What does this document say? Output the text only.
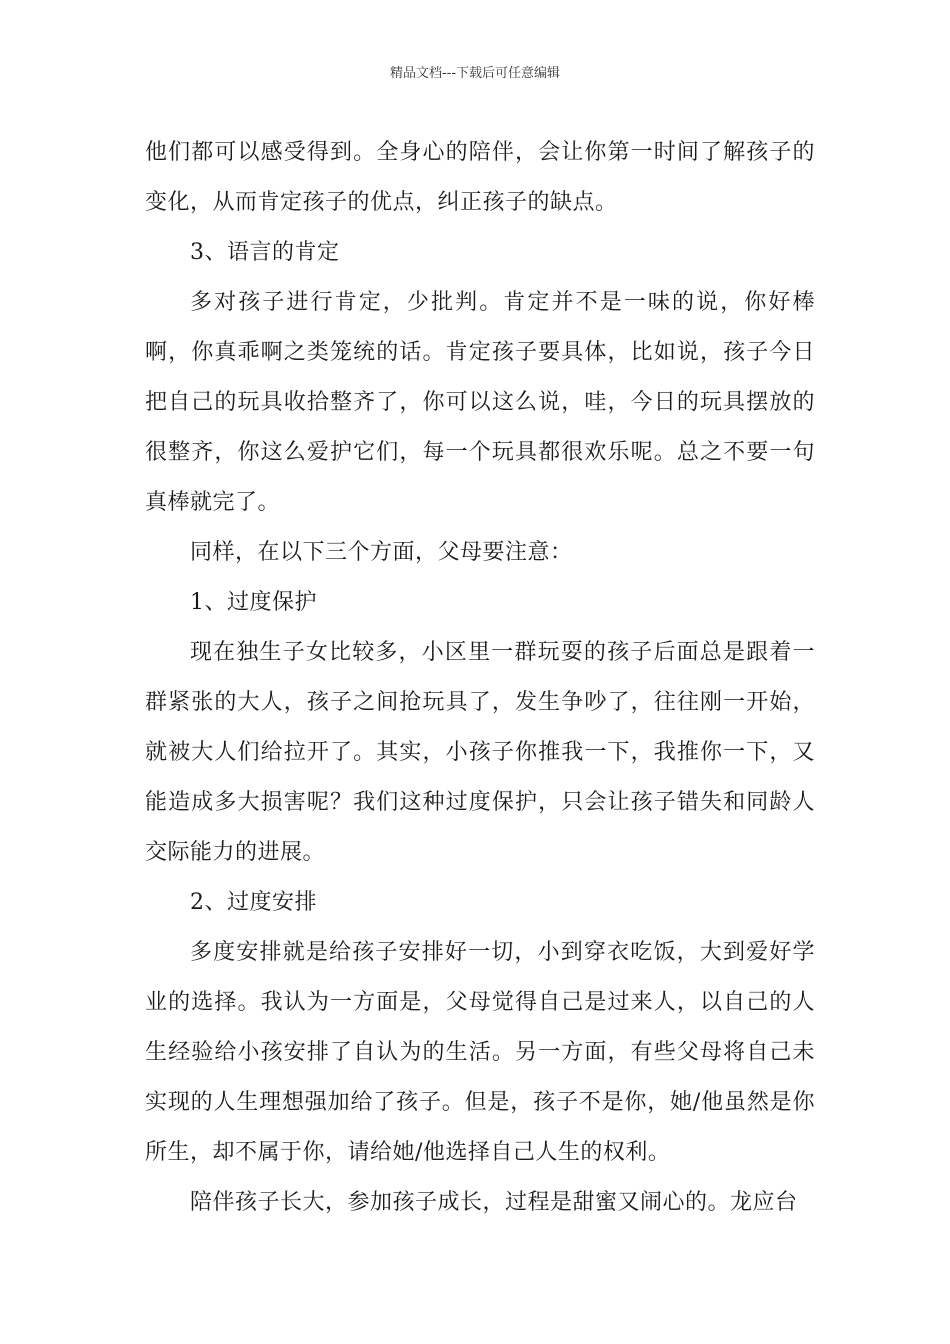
精品文档---下载后可任意编辑

他们都可以感受得到。全身心的陪伴，会让你第一时间了解孩子的变化，从而肯定孩子的优点，纠正孩子的缺点。

3、语言的肯定

多对孩子进行肯定，少批判。肯定并不是一味的说，你好棒啊，你真乖啊之类笼统的话。肯定孩子要具体，比如说，孩子今日把自己的玩具收拾整齐了，你可以这么说，哇，今日的玩具摆放的很整齐，你这么爱护它们，每一个玩具都很欢乐呢。总之不要一句真棒就完了。

同样，在以下三个方面，父母要注意：

1、过度保护

现在独生子女比较多，小区里一群玩耍的孩子后面总是跟着一群紧张的大人，孩子之间抢玩具了，发生争吵了，往往刚一开始，就被大人们给拉开了。其实，小孩子你推我一下，我推你一下，又能造成多大损害呢？我们这种过度保护，只会让孩子错失和同龄人交际能力的进展。

2、过度安排

多度安排就是给孩子安排好一切，小到穿衣吃饭，大到爱好学业的选择。我认为一方面是，父母觉得自己是过来人，以自己的人生经验给小孩安排了自认为的生活。另一方面，有些父母将自己未实现的人生理想强加给了孩子。但是，孩子不是你，她/他虽然是你所生，却不属于你，请给她/他选择自己人生的权利。

陪伴孩子长大，参加孩子成长，过程是甜蜜又闹心的。龙应台
